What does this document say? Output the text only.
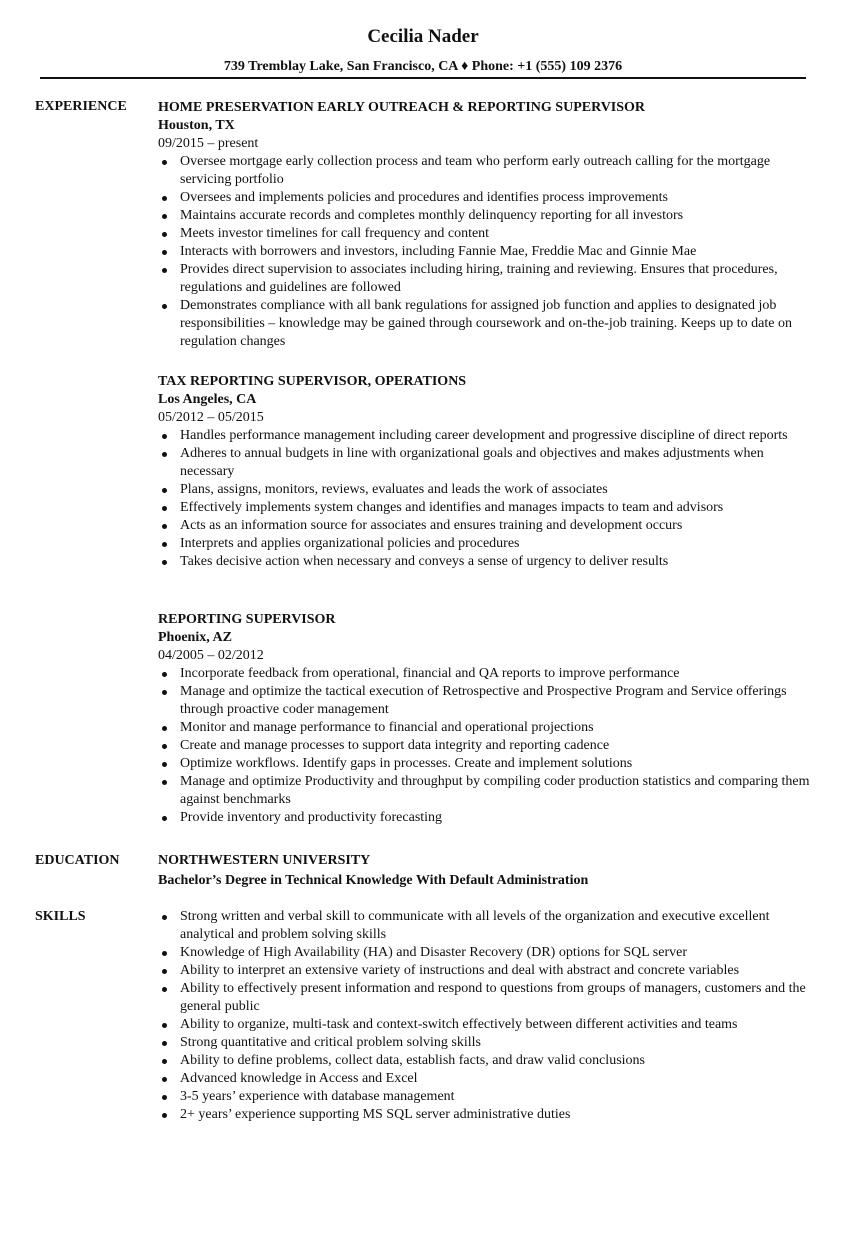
Cecilia Nader
739 Tremblay Lake, San Francisco, CA ♦ Phone: +1 (555) 109 2376
EXPERIENCE HOME PRESERVATION EARLY OUTREACH & REPORTING SUPERVISOR
Houston, TX
09/2015 – present
Oversee mortgage early collection process and team who perform early outreach calling for the mortgage servicing portfolio
Oversees and implements policies and procedures and identifies process improvements
Maintains accurate records and completes monthly delinquency reporting for all investors
Meets investor timelines for call frequency and content
Interacts with borrowers and investors, including Fannie Mae, Freddie Mac and Ginnie Mae
Provides direct supervision to associates including hiring, training and reviewing. Ensures that procedures, regulations and guidelines are followed
Demonstrates compliance with all bank regulations for assigned job function and applies to designated job responsibilities – knowledge may be gained through coursework and on-the-job training. Keeps up to date on regulation changes
TAX REPORTING SUPERVISOR, OPERATIONS
Los Angeles, CA
05/2012 – 05/2015
Handles performance management including career development and progressive discipline of direct reports
Adheres to annual budgets in line with organizational goals and objectives and makes adjustments when necessary
Plans, assigns, monitors, reviews, evaluates and leads the work of associates
Effectively implements system changes and identifies and manages impacts to team and advisors
Acts as an information source for associates and ensures training and development occurs
Interprets and applies organizational policies and procedures
Takes decisive action when necessary and conveys a sense of urgency to deliver results
REPORTING SUPERVISOR
Phoenix, AZ
04/2005 – 02/2012
Incorporate feedback from operational, financial and QA reports to improve performance
Manage and optimize the tactical execution of Retrospective and Prospective Program and Service offerings through proactive coder management
Monitor and manage performance to financial and operational projections
Create and manage processes to support data integrity and reporting cadence
Optimize workflows. Identify gaps in processes. Create and implement solutions
Manage and optimize Productivity and throughput by compiling coder production statistics and comparing them against benchmarks
Provide inventory and productivity forecasting
EDUCATION	NORTHWESTERN UNIVERSITY
Bachelor’s Degree in Technical Knowledge With Default Administration
SKILLS	Strong written and verbal skill to communicate with all levels of the organization and executive excellent analytical and problem solving skills
Knowledge of High Availability (HA) and Disaster Recovery (DR) options for SQL server
Ability to interpret an extensive variety of instructions and deal with abstract and concrete variables
Ability to effectively present information and respond to questions from groups of managers, customers and the general public
Ability to organize, multi-task and context-switch effectively between different activities and teams
Strong quantitative and critical problem solving skills
Ability to define problems, collect data, establish facts, and draw valid conclusions
Advanced knowledge in Access and Excel
3-5 years’ experience with database management
2+ years’ experience supporting MS SQL server administrative duties
